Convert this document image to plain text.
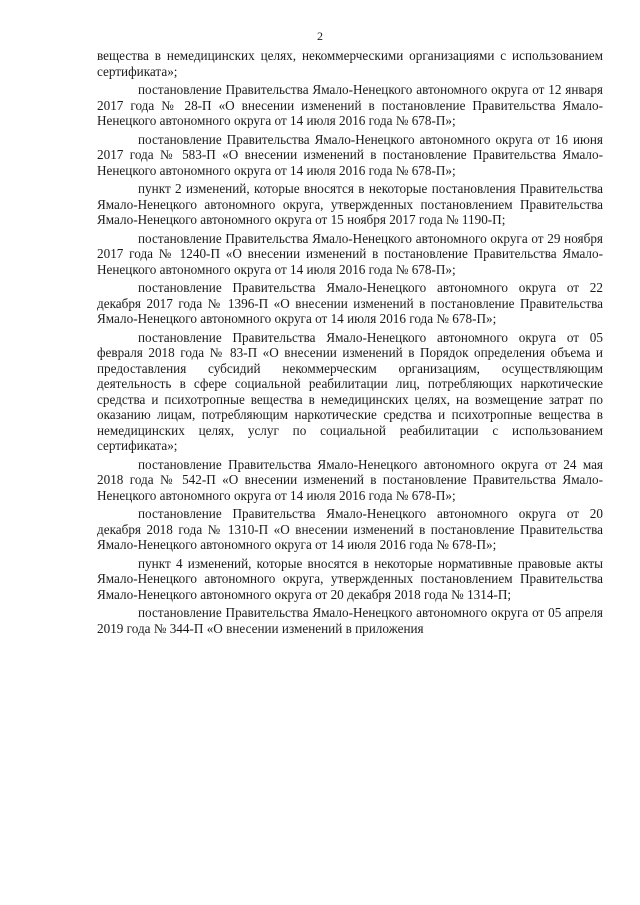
2

вещества в немедицинских целях, некоммерческими организациями с использованием сертификата»;

постановление Правительства Ямало-Ненецкого автономного округа от 12 января 2017 года № 28-П «О внесении изменений в постановление Правительства Ямало-Ненецкого автономного округа от 14 июля 2016 года № 678-П»;

постановление Правительства Ямало-Ненецкого автономного округа от 16 июня 2017 года № 583-П «О внесении изменений в постановление Правительства Ямало-Ненецкого автономного округа от 14 июля 2016 года № 678-П»;

пункт 2 изменений, которые вносятся в некоторые постановления Правительства Ямало-Ненецкого автономного округа, утвержденных постановлением Правительства Ямало-Ненецкого автономного округа от 15 ноября 2017 года № 1190-П;

постановление Правительства Ямало-Ненецкого автономного округа от 29 ноября 2017 года № 1240-П «О внесении изменений в постановление Правительства Ямало-Ненецкого автономного округа от 14 июля 2016 года № 678-П»;

постановление Правительства Ямало-Ненецкого автономного округа от 22 декабря 2017 года № 1396-П «О внесении изменений в постановление Правительства Ямало-Ненецкого автономного округа от 14 июля 2016 года № 678-П»;

постановление Правительства Ямало-Ненецкого автономного округа от 05 февраля 2018 года № 83-П «О внесении изменений в Порядок определения объема и предоставления субсидий некоммерческим организациям, осуществляющим деятельность в сфере социальной реабилитации лиц, потребляющих наркотические средства и психотропные вещества в немедицинских целях, на возмещение затрат по оказанию лицам, потребляющим наркотические средства и психотропные вещества в немедицинских целях, услуг по социальной реабилитации с использованием сертификата»;

постановление Правительства Ямало-Ненецкого автономного округа от 24 мая 2018 года № 542-П «О внесении изменений в постановление Правительства Ямало-Ненецкого автономного округа от 14 июля 2016 года № 678-П»;

постановление Правительства Ямало-Ненецкого автономного округа от 20 декабря 2018 года № 1310-П «О внесении изменений в постановление Правительства Ямало-Ненецкого автономного округа от 14 июля 2016 года № 678-П»;

пункт 4 изменений, которые вносятся в некоторые нормативные правовые акты Ямало-Ненецкого автономного округа, утвержденных постановлением Правительства Ямало-Ненецкого автономного округа от 20 декабря 2018 года № 1314-П;

постановление Правительства Ямало-Ненецкого автономного округа от 05 апреля 2019 года № 344-П «О внесении изменений в приложения
